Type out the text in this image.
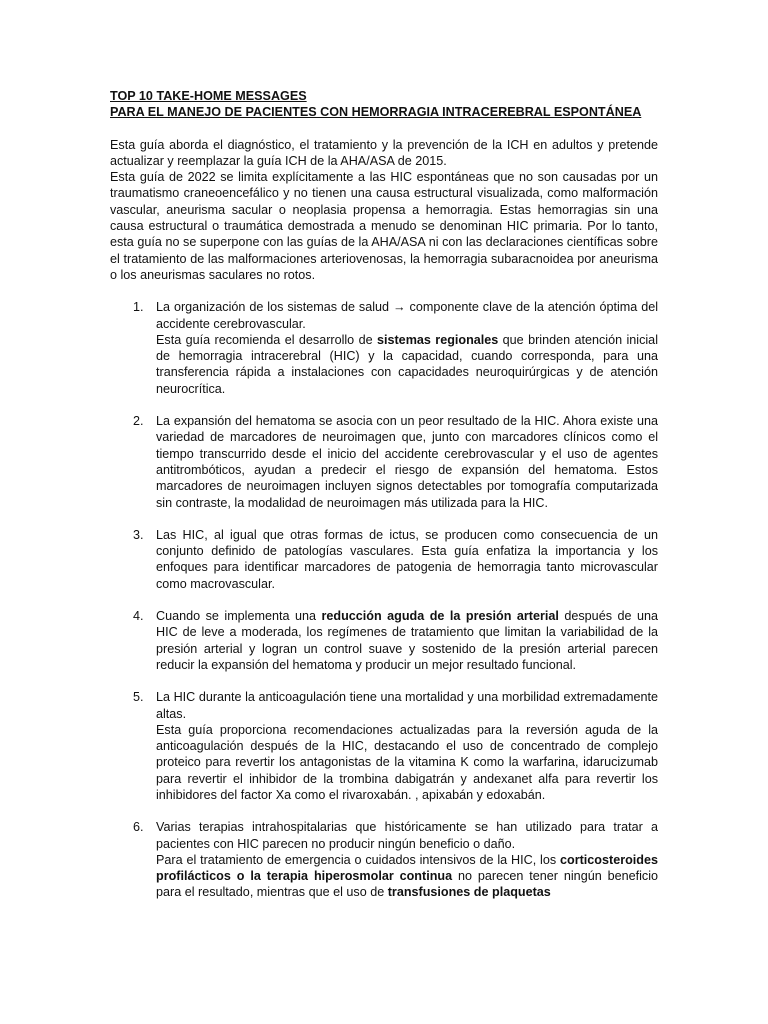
TOP 10 TAKE-HOME MESSAGES
PARA EL MANEJO DE PACIENTES CON HEMORRAGIA INTRACEREBRAL ESPONTÁNEA

Esta guía aborda el diagnóstico, el tratamiento y la prevención de la ICH en adultos y pretende actualizar y reemplazar la guía ICH de la AHA/ASA de 2015.

Esta guía de 2022 se limita explícitamente a las HIC espontáneas que no son causadas por un traumatismo craneoencefálico y no tienen una causa estructural visualizada, como malformación vascular, aneurisma sacular o neoplasia propensa a hemorragia. Estas hemorragias sin una causa estructural o traumática demostrada a menudo se denominan HIC primaria. Por lo tanto, esta guía no se superpone con las guías de la AHA/ASA ni con las declaraciones científicas sobre el tratamiento de las malformaciones arteriovenosas, la hemorragia subaracnoidea por aneurisma o los aneurismas saculares no rotos.

1. La organización de los sistemas de salud → componente clave de la atención óptima del accidente cerebrovascular.

Esta guía recomienda el desarrollo de sistemas regionales que brinden atención inicial de hemorragia intracerebral (HIC) y la capacidad, cuando corresponda, para una transferencia rápida a instalaciones con capacidades neuroquirúrgicas y de atención neurocrítica.

2. La expansión del hematoma se asocia con un peor resultado de la HIC. Ahora existe una variedad de marcadores de neuroimagen que, junto con marcadores clínicos como el tiempo transcurrido desde el inicio del accidente cerebrovascular y el uso de agentes antitrombóticos, ayudan a predecir el riesgo de expansión del hematoma. Estos marcadores de neuroimagen incluyen signos detectables por tomografía computarizada sin contraste, la modalidad de neuroimagen más utilizada para la HIC.

3. Las HIC, al igual que otras formas de ictus, se producen como consecuencia de un conjunto definido de patologías vasculares. Esta guía enfatiza la importancia y los enfoques para identificar marcadores de patogenia de hemorragia tanto microvascular como macrovascular.

4. Cuando se implementa una reducción aguda de la presión arterial después de una HIC de leve a moderada, los regímenes de tratamiento que limitan la variabilidad de la presión arterial y logran un control suave y sostenido de la presión arterial parecen reducir la expansión del hematoma y producir un mejor resultado funcional.

5. La HIC durante la anticoagulación tiene una mortalidad y una morbilidad extremadamente altas.

Esta guía proporciona recomendaciones actualizadas para la reversión aguda de la anticoagulación después de la HIC, destacando el uso de concentrado de complejo proteico para revertir los antagonistas de la vitamina K como la warfarina, idarucizumab para revertir el inhibidor de la trombina dabigatrán y andexanet alfa para revertir los inhibidores del factor Xa como el rivaroxabán. , apixabán y edoxabán.

6. Varias terapias intrahospitalarias que históricamente se han utilizado para tratar a pacientes con HIC parecen no producir ningún beneficio o daño.

Para el tratamiento de emergencia o cuidados intensivos de la HIC, los corticosteroides profilácticos o la terapia hiperosmolar continua no parecen tener ningún beneficio para el resultado, mientras que el uso de transfusiones de plaquetas
